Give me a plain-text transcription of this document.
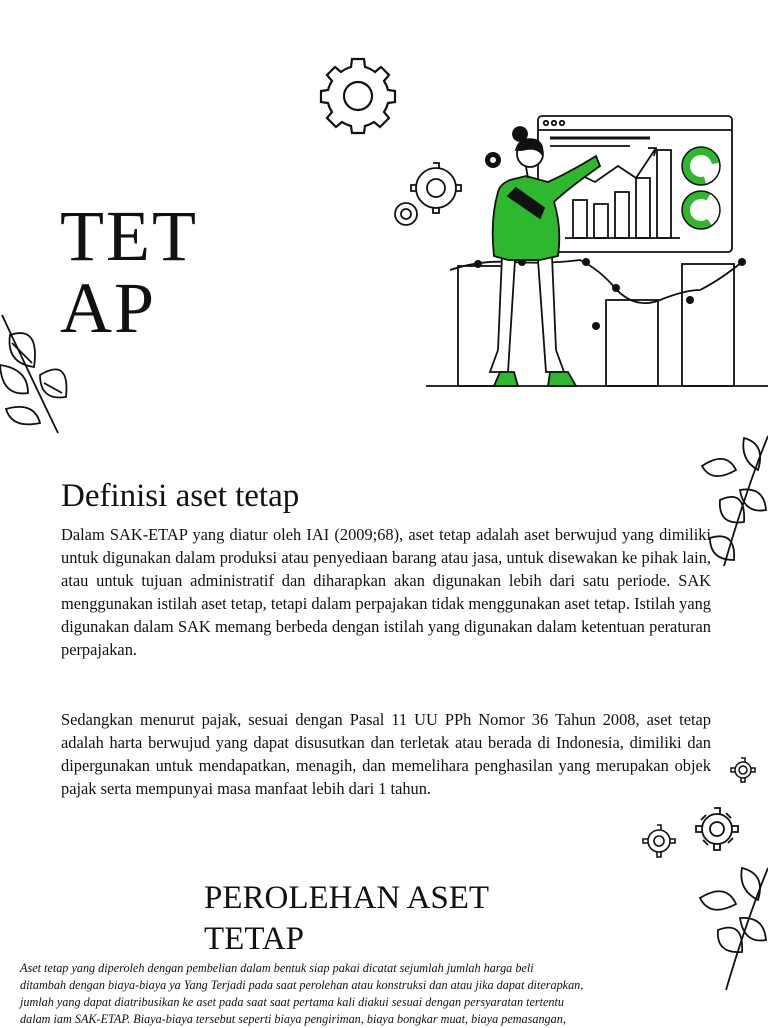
TET
AP
Definisi aset tetap
Dalam SAK-ETAP yang diatur oleh IAI (2009;68), aset tetap adalah aset berwujud yang dimiliki untuk digunakan dalam produksi atau penyediaan barang atau jasa, untuk disewakan ke pihak lain, atau untuk tujuan administratif dan diharapkan akan digunakan lebih dari satu periode. SAK menggunakan istilah aset tetap, tetapi dalam perpajakan tidak menggunakan aset tetap. Istilah yang digunakan dalam SAK memang berbeda dengan istilah yang digunakan dalam ketentuan peraturan perpajakan.
Sedangkan menurut pajak, sesuai dengan Pasal 11 UU PPh Nomor 36 Tahun 2008, aset tetap adalah harta berwujud yang dapat disusutkan dan terletak atau berada di Indonesia, dimiliki dan dipergunakan untuk mendapatkan, menagih, dan memelihara penghasilan yang merupakan objek pajak serta mempunyai masa manfaat lebih dari 1 tahun.
PEROLEHAN ASET
TETAP
Aset tetap yang diperoleh dengan pembelian dalam bentuk siap pakai dicatat sejumlah jumlah harga beli
ditambah dengan biaya-biaya ya Yang Terjadi pada saat perolehan atau konstruksi dan atau jika dapat diterapkan,
jumlah yang dapat diatribusikan ke aset pada saat saat pertama kali diakui sesuai dengan persyaratan tertentu
dalam iam SAK-ETAP. Biaya-biaya tersebut seperti biaya pengiriman, biaya bongkar muat, biaya pemasangan,
